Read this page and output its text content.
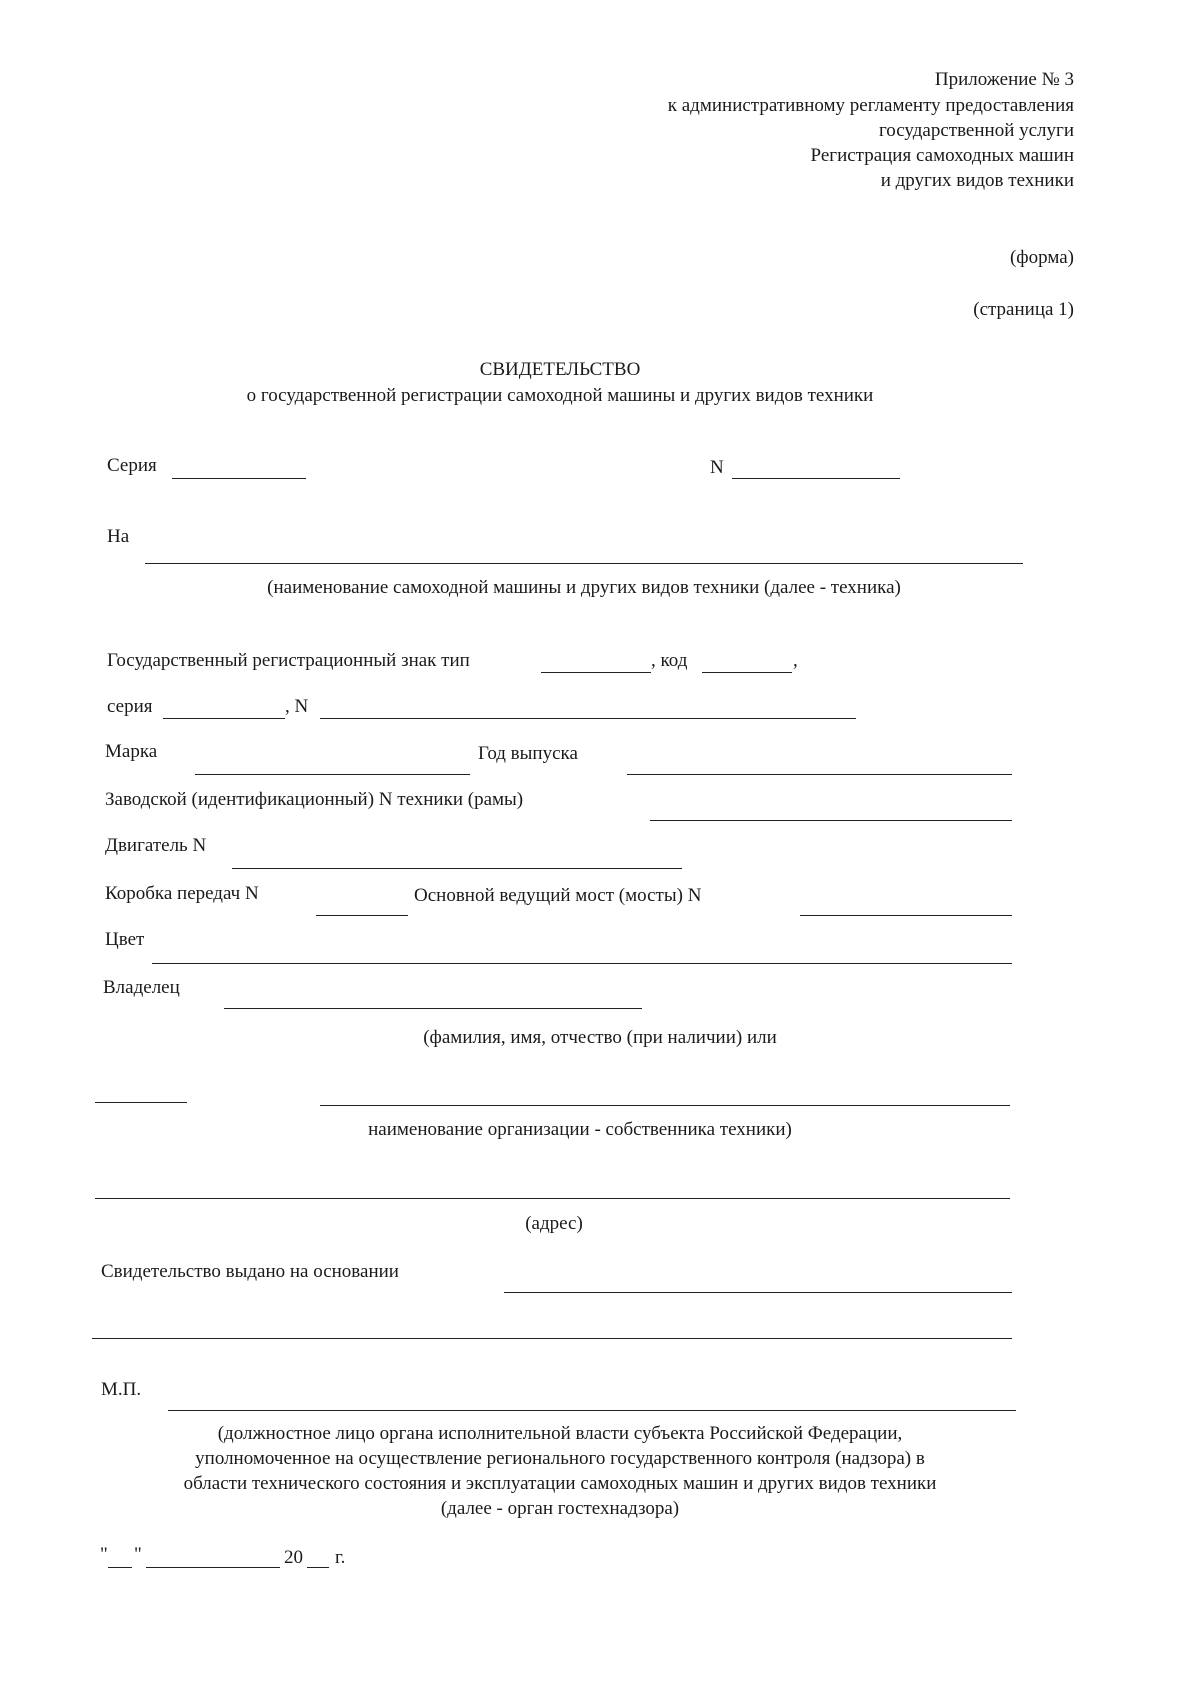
Приложение № 3
к административному регламенту предоставления
государственной услуги
Регистрация самоходных машин
и других видов техники
(форма)
(страница 1)
СВИДЕТЕЛЬСТВО
о государственной регистрации самоходной машины и других видов техники
Серия	N
На
(наименование самоходной машины и других видов техники (далее - техника)
Государственный регистрационный знак тип	, код	,
серия	, N
Марка	Год выпуска
Заводской (идентификационный) N техники (рамы)
Двигатель N
Коробка передач N	Основной ведущий мост (мосты) N
Цвет
Владелец
(фамилия, имя, отчество (при наличии) или
наименование организации - собственника техники)
(адрес)
Свидетельство выдано на основании
М.П.
(должностное лицо органа исполнительной власти субъекта Российской Федерации,
уполномоченное на осуществление регионального государственного контроля (надзора) в
области технического состояния и эксплуатации самоходных машин и других видов техники
(далее - орган гостехнадзора)
" "	20 г.
